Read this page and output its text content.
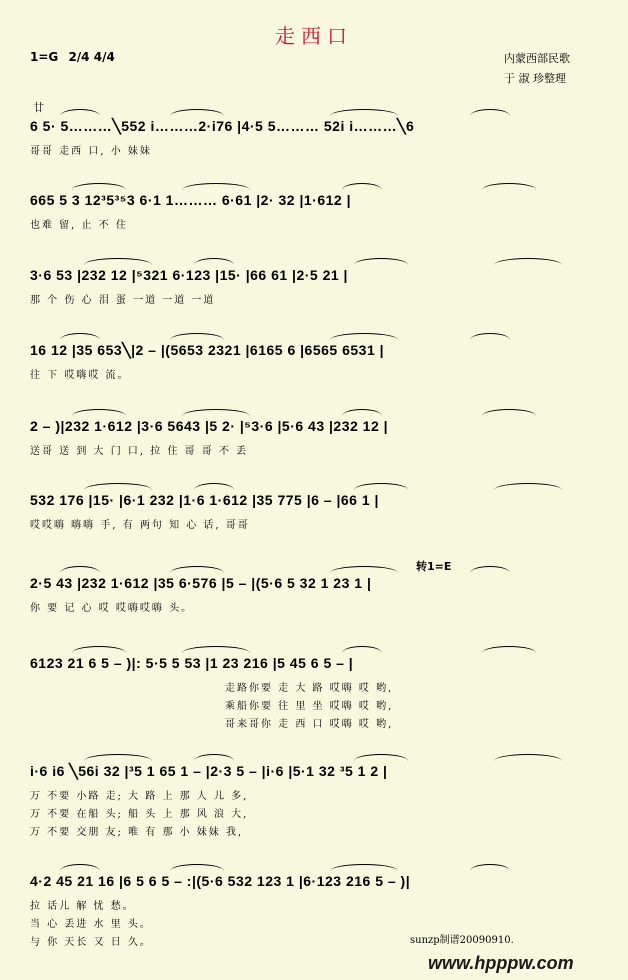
走西口
1=G 2/4 4/4	内蒙西部民歌
于 淑 珍整理
廿
6 5· 5………╲552 i………2·i76 |4·5 5……… 52i i………╲6
哥哥 走西 口, 小 妹妹
665 5 3 12³5³⁵3 6·1 1……… 6·61 |2· 32 |1·612 |
也难 留, 止 不 住
3·6 53 |232 12 |⁵321 6·123 |15· |66 61 |2·5 21 |
那 个 伤 心 泪 蛋 一道 一道 一道
16 12 |35 653╲|2 – |(5653 2321 |6165 6 |6565 6531 |
往 下 哎嗨哎 流。
2 – )|232 1·612 |3·6 5643 |5 2· |⁵3·6 |5·6 43 |232 12 |
送哥 送 到 大 门 口, 拉 住 哥 哥 不 丢
532 176 |15· |6·1 232 |1·6 1·612 |35 775 |6 – |66 1 |
哎哎嗨 嗨嗨 手, 有 两句 知 心 话, 哥哥
2·5 43 |232 1·612 |35 6·576 |5 – |(5·6 5 32 1 23 1 |
你 要 记 心 哎 哎嗨哎嗨 头。
6123 21 6 5 – )|: 5·5 5 53 |1 23 216 |5 45 6 5 – |
走路你要 走 大 路 哎嗨 哎 哟,
乘船你要 往 里 坐 哎嗨 哎 哟,
哥来哥你 走 西 口 哎嗨 哎 哟,
i·6 i6 ╲56i 32 |³5 1 65 1 – |2·3 5 – |i·6 |5·1 32 ³5 1 2 |
万 不要 小路 走; 大 路 上 那 人 儿 多,
万 不要 在船 头; 船 头 上 那 风 浪 大,
万 不要 交朋 友; 唯 有 那 小 妹妹 我,
4·2 45 21 16 |6 5 6 5 – :|(5·6 532 123 1 |6·123 216 5 – )|
拉 话儿 解 忧 愁。
当 心 丢进 水 里 头。
与 你 天长 又 日 久。
转1=E
sunzp制谱20090910.
www.hpppw.com
